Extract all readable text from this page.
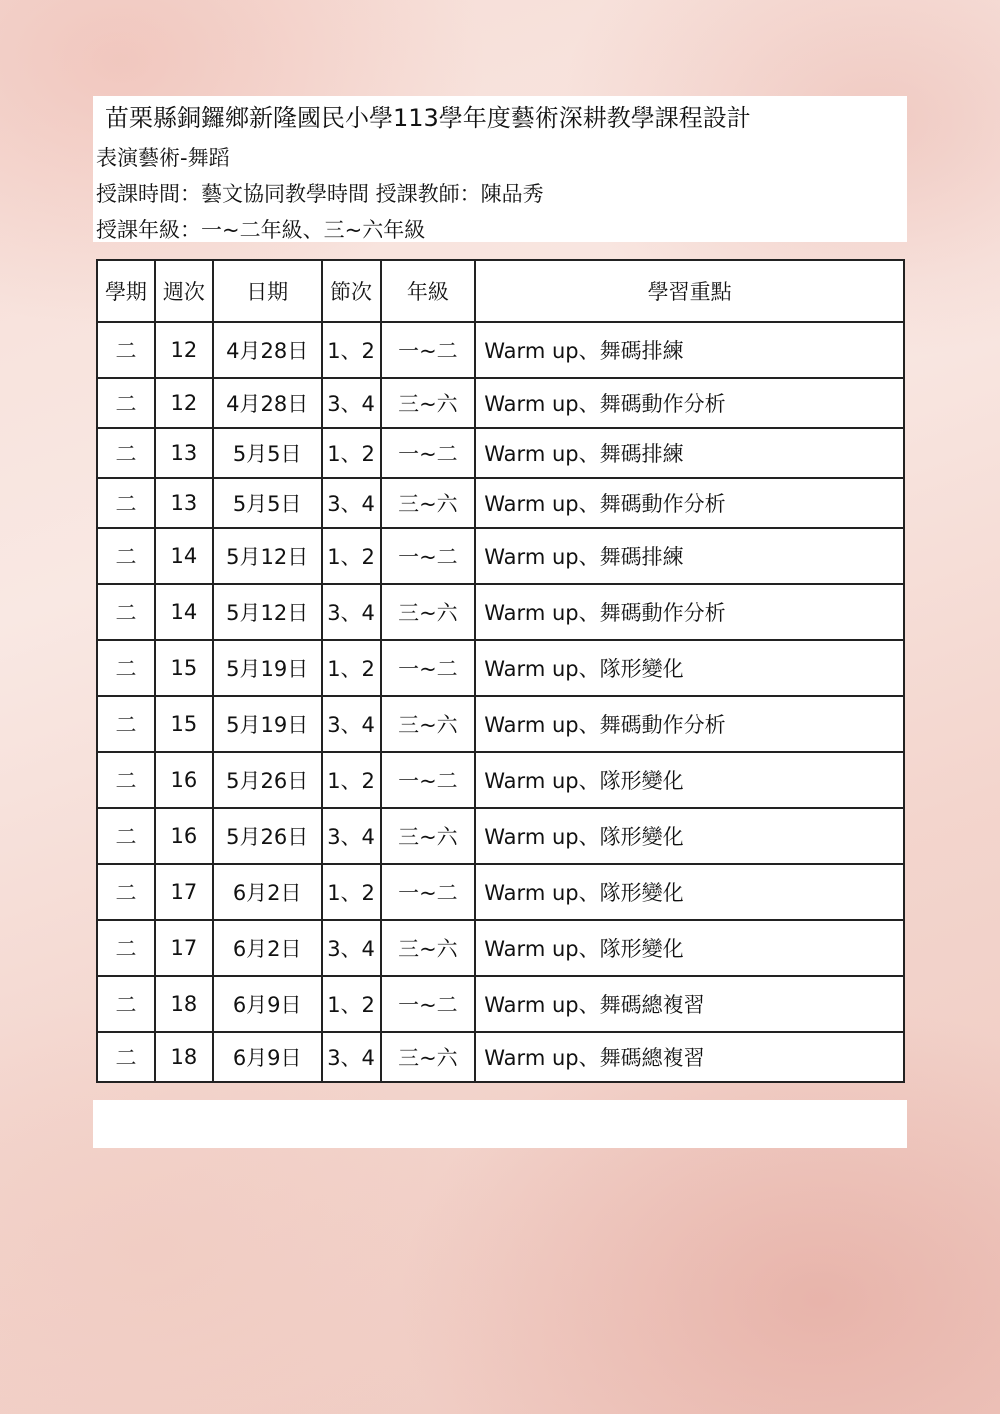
苗栗縣銅鑼鄉新隆國民小學113學年度藝術深耕教學課程設計
表演藝術-舞蹈
授課時間：藝文協同教學時間 授課教師：陳品秀
授課年級：一~二年級、三~六年級
學期	週次	日期	節次	年級	學習重點
二	12	4月28日	1、2	一~二	Warm up、舞碼排練
二	12	4月28日	3、4	三~六	Warm up、舞碼動作分析
二	13	5月5日	1、2	一~二	Warm up、舞碼排練
二	13	5月5日	3、4	三~六	Warm up、舞碼動作分析
二	14	5月12日	1、2	一~二	Warm up、舞碼排練
二	14	5月12日	3、4	三~六	Warm up、舞碼動作分析
二	15	5月19日	1、2	一~二	Warm up、隊形變化
二	15	5月19日	3、4	三~六	Warm up、舞碼動作分析
二	16	5月26日	1、2	一~二	Warm up、隊形變化
二	16	5月26日	3、4	三~六	Warm up、隊形變化
二	17	6月2日	1、2	一~二	Warm up、隊形變化
二	17	6月2日	3、4	三~六	Warm up、隊形變化
二	18	6月9日	1、2	一~二	Warm up、舞碼總複習
二	18	6月9日	3、4	三~六	Warm up、舞碼總複習
